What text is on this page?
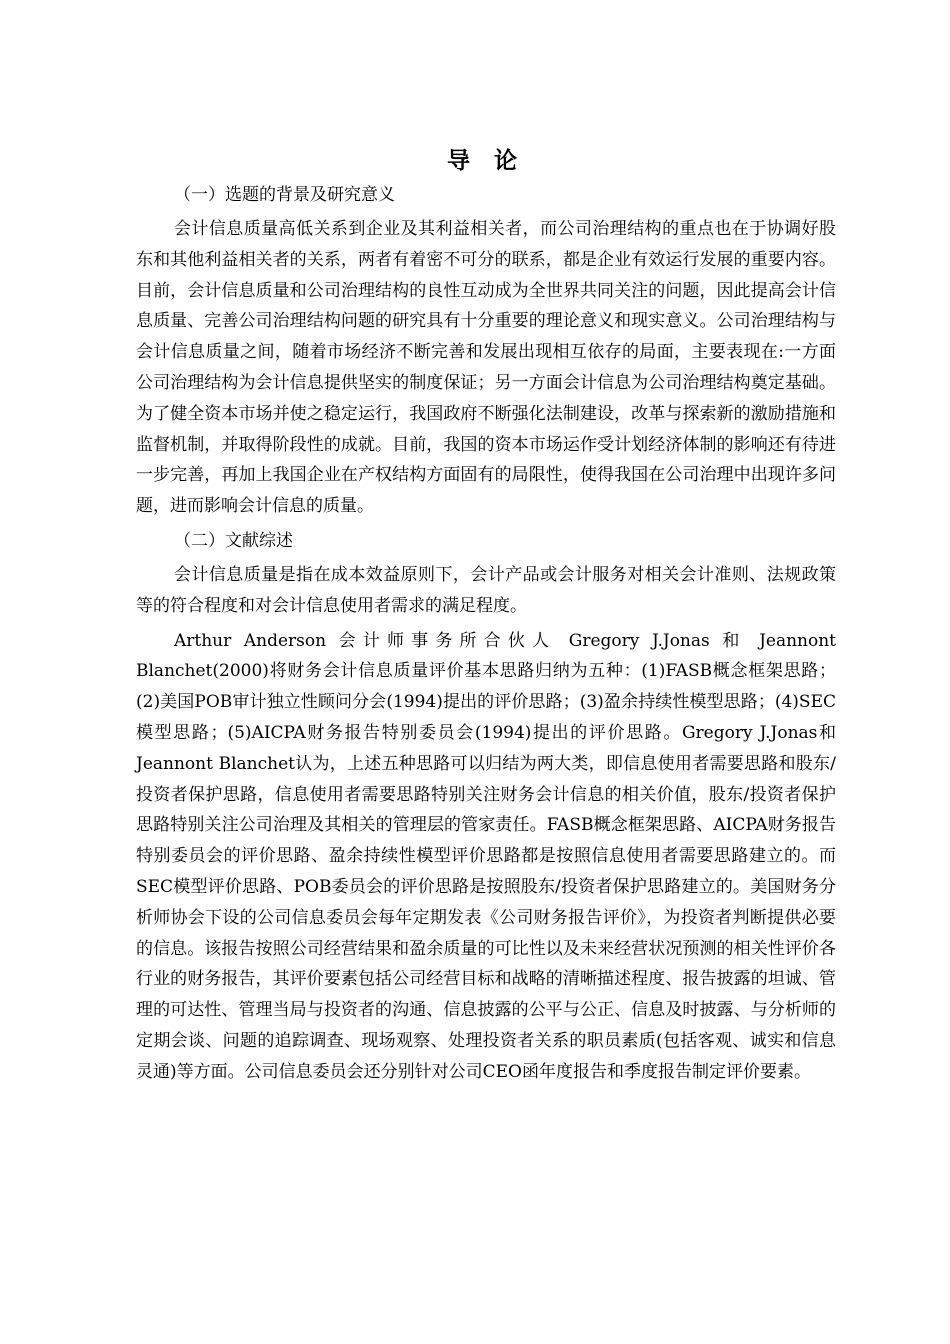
导 论
（一）选题的背景及研究意义

会计信息质量高低关系到企业及其利益相关者，而公司治理结构的重点也在于协调好股东和其他利益相关者的关系，两者有着密不可分的联系，都是企业有效运行发展的重要内容。目前，会计信息质量和公司治理结构的良性互动成为全世界共同关注的问题，因此提高会计信息质量、完善公司治理结构问题的研究具有十分重要的理论意义和现实意义。公司治理结构与会计信息质量之间，随着市场经济不断完善和发展出现相互依存的局面，主要表现在:一方面公司治理结构为会计信息提供坚实的制度保证；另一方面会计信息为公司治理结构奠定基础。为了健全资本市场并使之稳定运行，我国政府不断强化法制建设，改革与探索新的激励措施和监督机制，并取得阶段性的成就。目前，我国的资本市场运作受计划经济体制的影响还有待进一步完善，再加上我国企业在产权结构方面固有的局限性，使得我国在公司治理中出现许多问题，进而影响会计信息的质量。

（二）文献综述

会计信息质量是指在成本效益原则下，会计产品或会计服务对相关会计准则、法规政策等的符合程度和对会计信息使用者需求的满足程度。

Arthur Anderson 会计师事务所合伙人 Gregory J.Jonas 和 Jeannont Blanchet(2000)将财务会计信息质量评价基本思路归纳为五种：(1)FASB概念框架思路；(2)美国POB审计独立性顾问分会(1994)提出的评价思路；(3)盈余持续性模型思路；(4)SEC模型思路；(5)AICPA财务报告特别委员会(1994)提出的评价思路。Gregory J.Jonas和Jeannont Blanchet认为，上述五种思路可以归结为两大类，即信息使用者需要思路和股东/投资者保护思路，信息使用者需要思路特别关注财务会计信息的相关价值，股东/投资者保护思路特别关注公司治理及其相关的管理层的管家责任。FASB概念框架思路、AICPA财务报告特别委员会的评价思路、盈余持续性模型评价思路都是按照信息使用者需要思路建立的。而SEC模型评价思路、POB委员会的评价思路是按照股东/投资者保护思路建立的。美国财务分析师协会下设的公司信息委员会每年定期发表《公司财务报告评价》，为投资者判断提供必要的信息。该报告按照公司经营结果和盈余质量的可比性以及未来经营状况预测的相关性评价各行业的财务报告，其评价要素包括公司经营目标和战略的清晰描述程度、报告披露的坦诚、管理的可达性、管理当局与投资者的沟通、信息披露的公平与公正、信息及时披露、与分析师的定期会谈、问题的追踪调查、现场观察、处理投资者关系的职员素质(包括客观、诚实和信息灵通)等方面。公司信息委员会还分别针对公司CEO函年度报告和季度报告制定评价要素。
